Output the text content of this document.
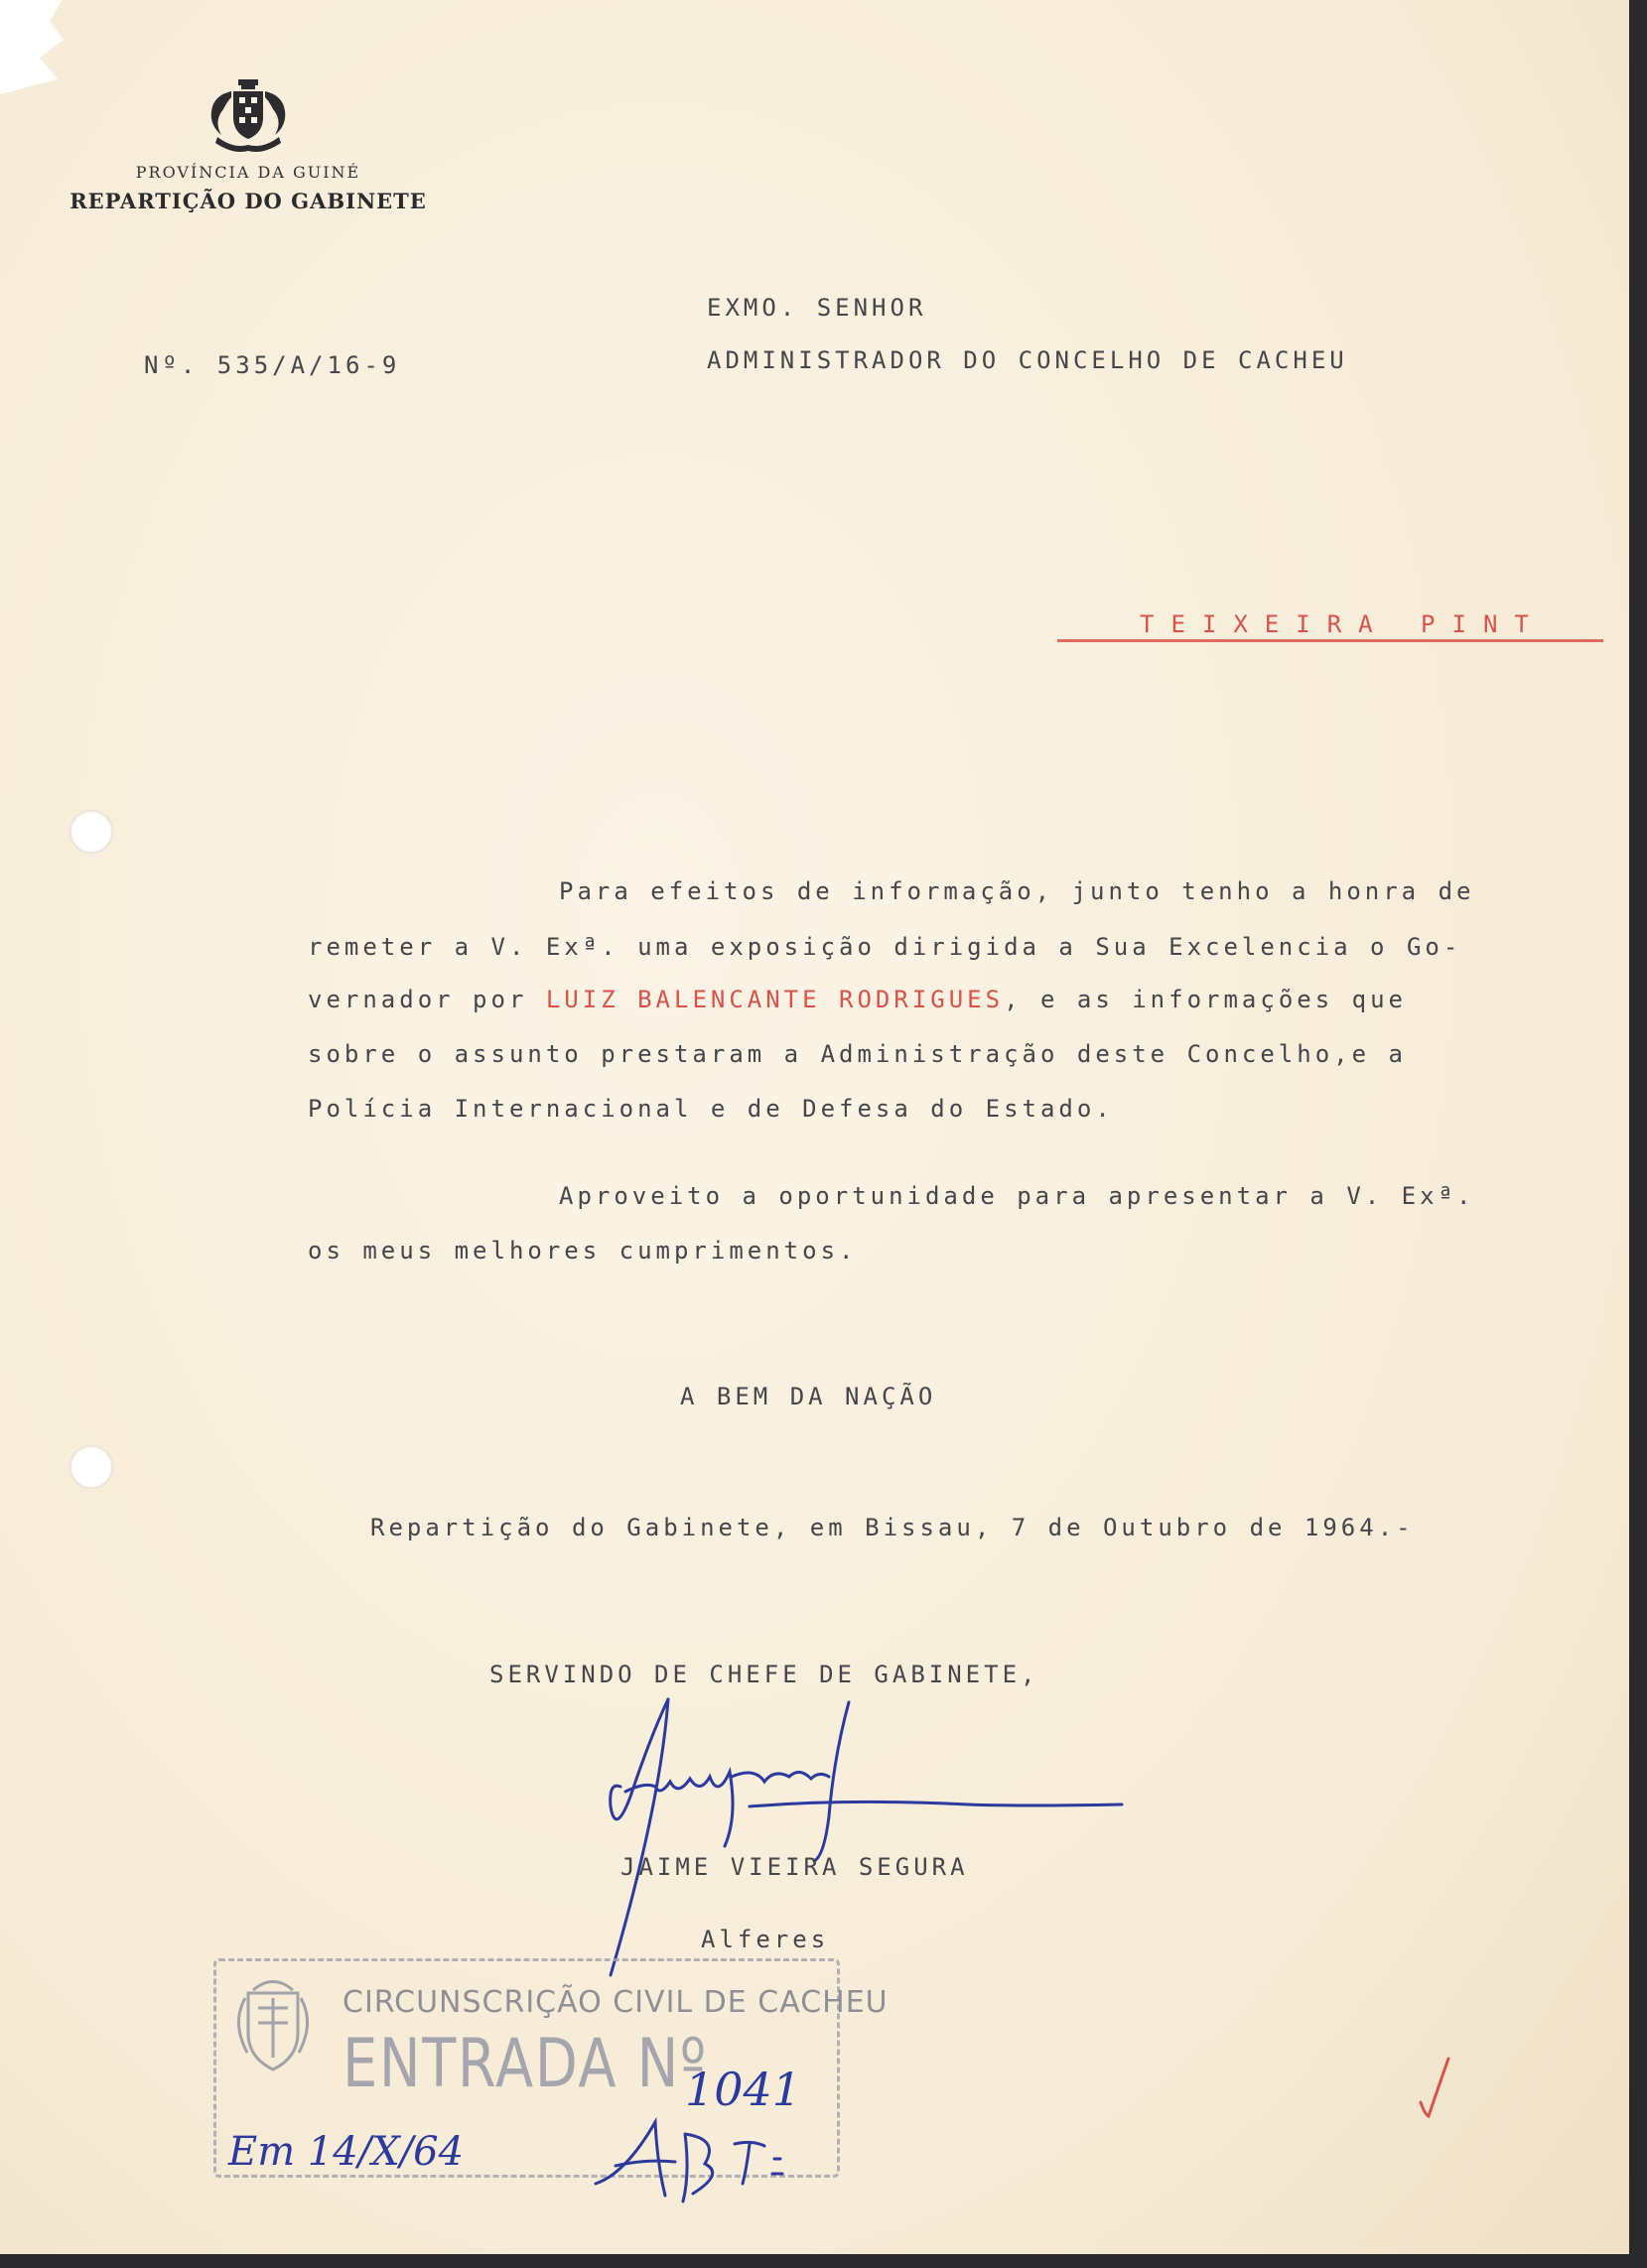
PROVÍNCIA DA GUINÉ
REPARTIÇÃO DO GABINETE
EXMO. SENHOR
Nº. 535/A/16-9	ADMINISTRADOR DO CONCELHO DE CACHEU
TEIXEIRA PINT
Para efeitos de informação, junto tenho a honra de
remeter a V. Exª. uma exposição dirigida a Sua Excelencia o Go-
vernador por LUIZ BALENCANTE RODRIGUES, e as informações que
sobre o assunto prestaram a Administração deste Concelho,e a
Polícia Internacional e de Defesa do Estado.
Aproveito a oportunidade para apresentar a V. Exª.
os meus melhores cumprimentos.
A BEM DA NAÇÃO
Repartição do Gabinete, em Bissau, 7 de Outubro de 1964.-
SERVINDO DE CHEFE DE GABINETE,
JAIME VIEIRA SEGURA
Alferes
CIRCUNSCRIÇÃO CIVIL DE CACHEU
ENTRADA Nº
1041
Em 14/X/64
